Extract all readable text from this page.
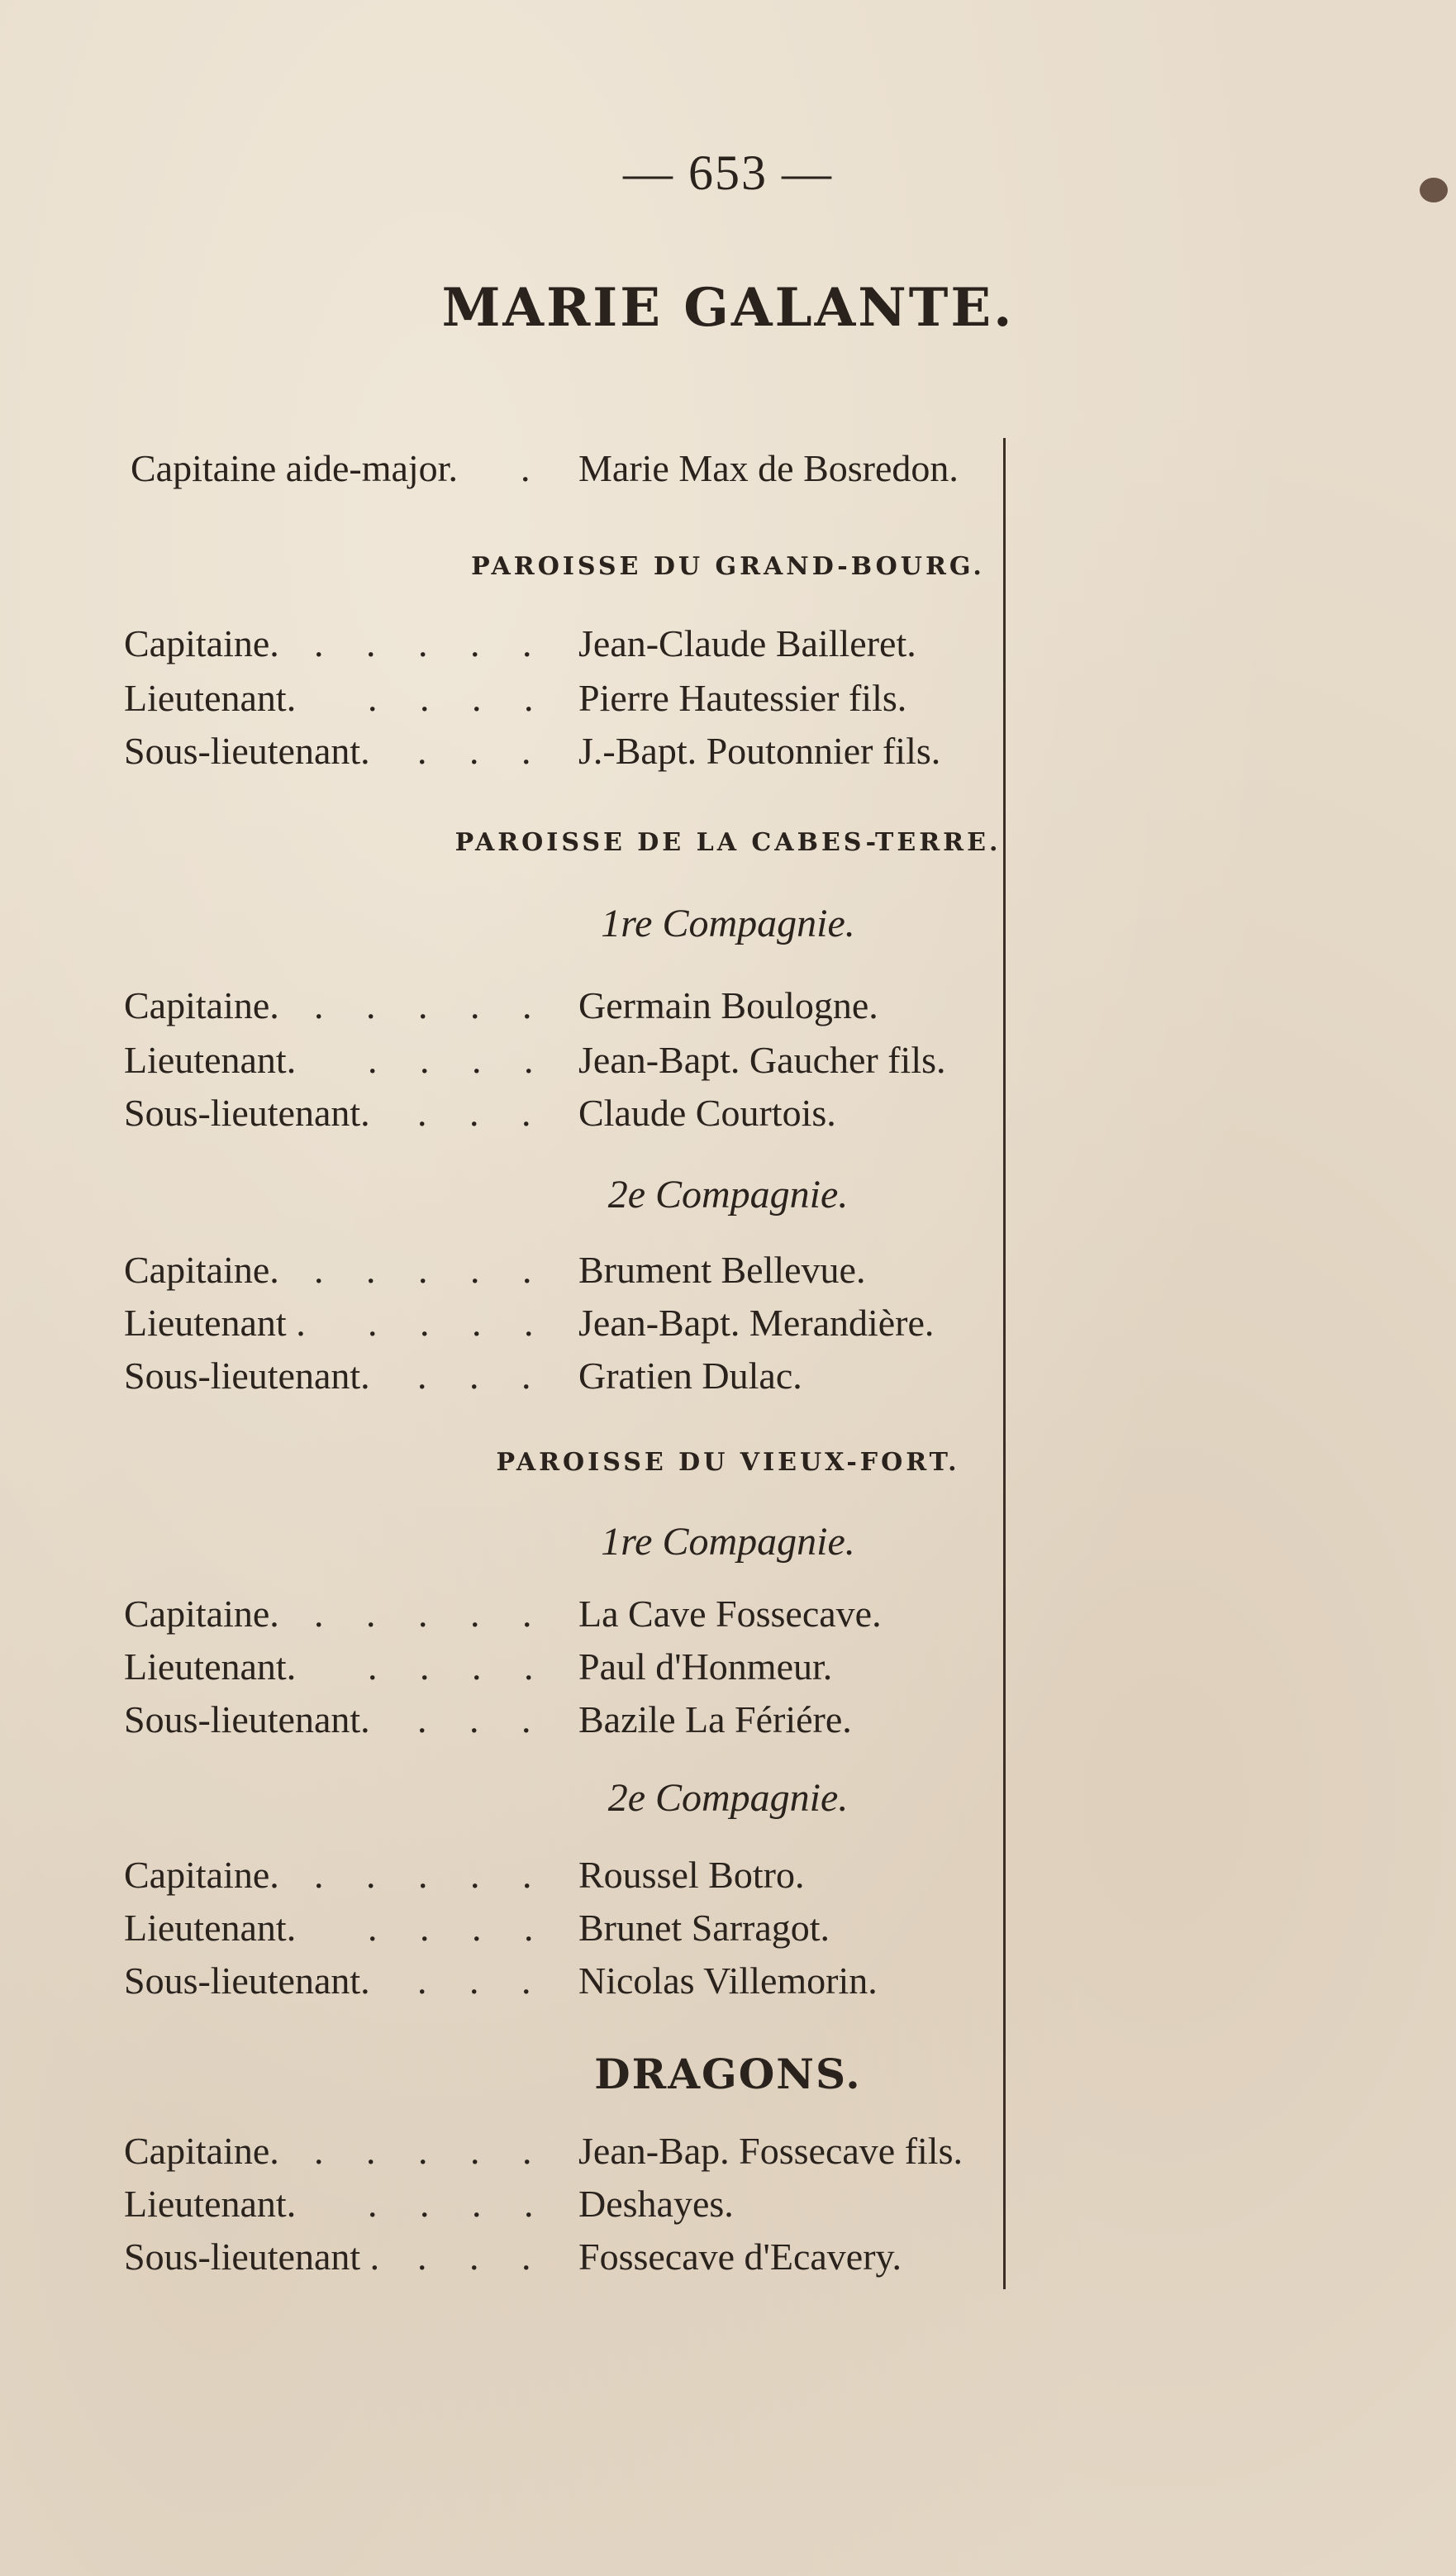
— 653 —
MARIE GALANTE.
Capitaine aide-major. . Marie Max de Bosredon.
PAROISSE DU GRAND-BOURG.
Capitaine. . . . . . Jean-Claude Bailleret.
Lieutenant. . . . . Pierre Hautessier fils.
Sous-lieutenant. . . . J.-Bapt. Poutonnier fils.
PAROISSE DE LA CABES-TERRE.
1re Compagnie.
Capitaine. . . . . . Germain Boulogne.
Lieutenant. . . . . Jean-Bapt. Gaucher fils.
Sous-lieutenant. . . . Claude Courtois.
2e Compagnie.
Capitaine. . . . . . Brument Bellevue.
Lieutenant . . . . . Jean-Bapt. Merandière.
Sous-lieutenant. . . . Gratien Dulac.
PAROISSE DU VIEUX-FORT.
1re Compagnie.
Capitaine. . . . . . La Cave Fossecave.
Lieutenant. . . . . Paul d'Honmeur.
Sous-lieutenant. . . . Bazile La Fériére.
2e Compagnie.
Capitaine. . . . . . Roussel Botro.
Lieutenant. . . . . Brunet Sarragot.
Sous-lieutenant. . . . Nicolas Villemorin.
DRAGONS.
Capitaine. . . . . . Jean-Bap. Fossecave fils.
Lieutenant. . . . . Deshayes.
Sous-lieutenant . . . . Fossecave d'Ecavery.
